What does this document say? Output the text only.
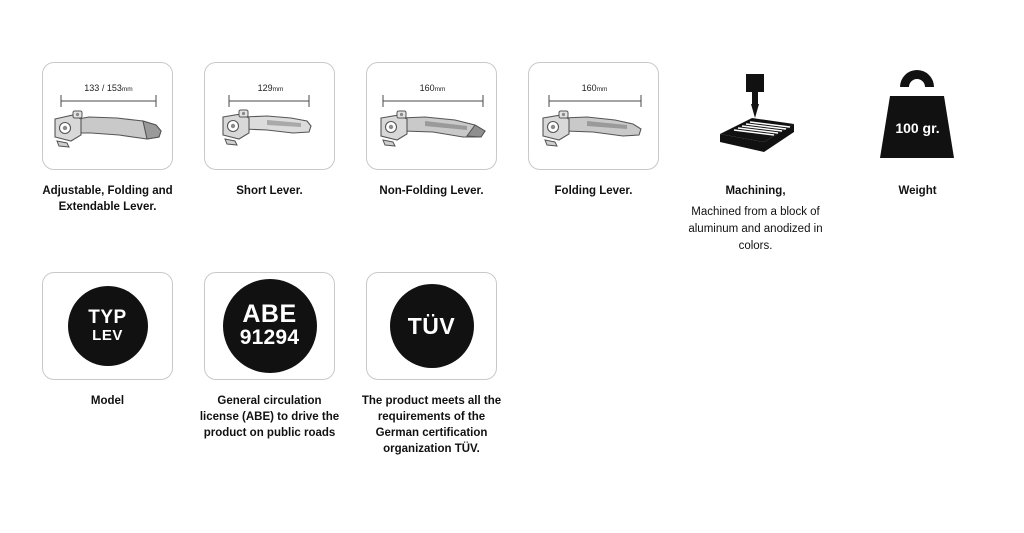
133 / 153mm
Adjustable, Folding and Extendable Lever.
129mm
Short Lever.
160mm
Non-Folding Lever.
160mm
Folding Lever.	Machining,
Machined from a block of aluminum and anodized in colors.
100 gr.
Weight
TYP
LEV
Model
ABE
91294
General circulation license (ABE) to drive the product on public roads
TÜV
The product meets all the requirements of the German certification organization TÜV.
